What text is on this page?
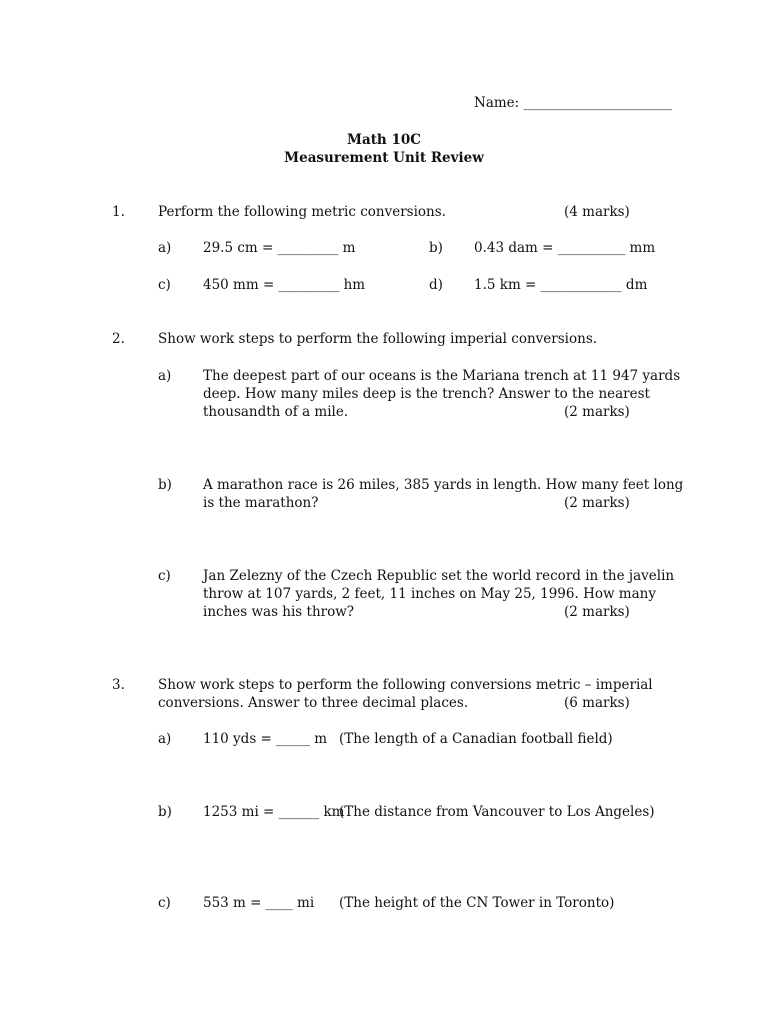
Name: ______________________
Math 10C
Measurement Unit Review
1. Perform the following metric conversions.	(4 marks)
a) 29.5 cm = _________ m	b) 0.43 dam = __________ mm
c) 450 mm = _________ hm	d) 1.5 km = ____________ dm
2. Show work steps to perform the following imperial conversions.
a) The deepest part of our oceans is the Mariana trench at 11 947 yards
deep. How many miles deep is the trench? Answer to the nearest
thousandth of a mile.	(2 marks)
b) A marathon race is 26 miles, 385 yards in length. How many feet long
is the marathon?	(2 marks)
c) Jan Zelezny of the Czech Republic set the world record in the javelin
throw at 107 yards, 2 feet, 11 inches on May 25, 1996. How many
inches was his throw?	(2 marks)
3. Show work steps to perform the following conversions metric – imperial
conversions. Answer to three decimal places.	(6 marks)
a) 110 yds = _____ m (The length of a Canadian football field)
b) 1253 mi = ______ km
(The distance from Vancouver to Los Angeles)
c) 553 m = ____ mi (The height of the CN Tower in Toronto)
